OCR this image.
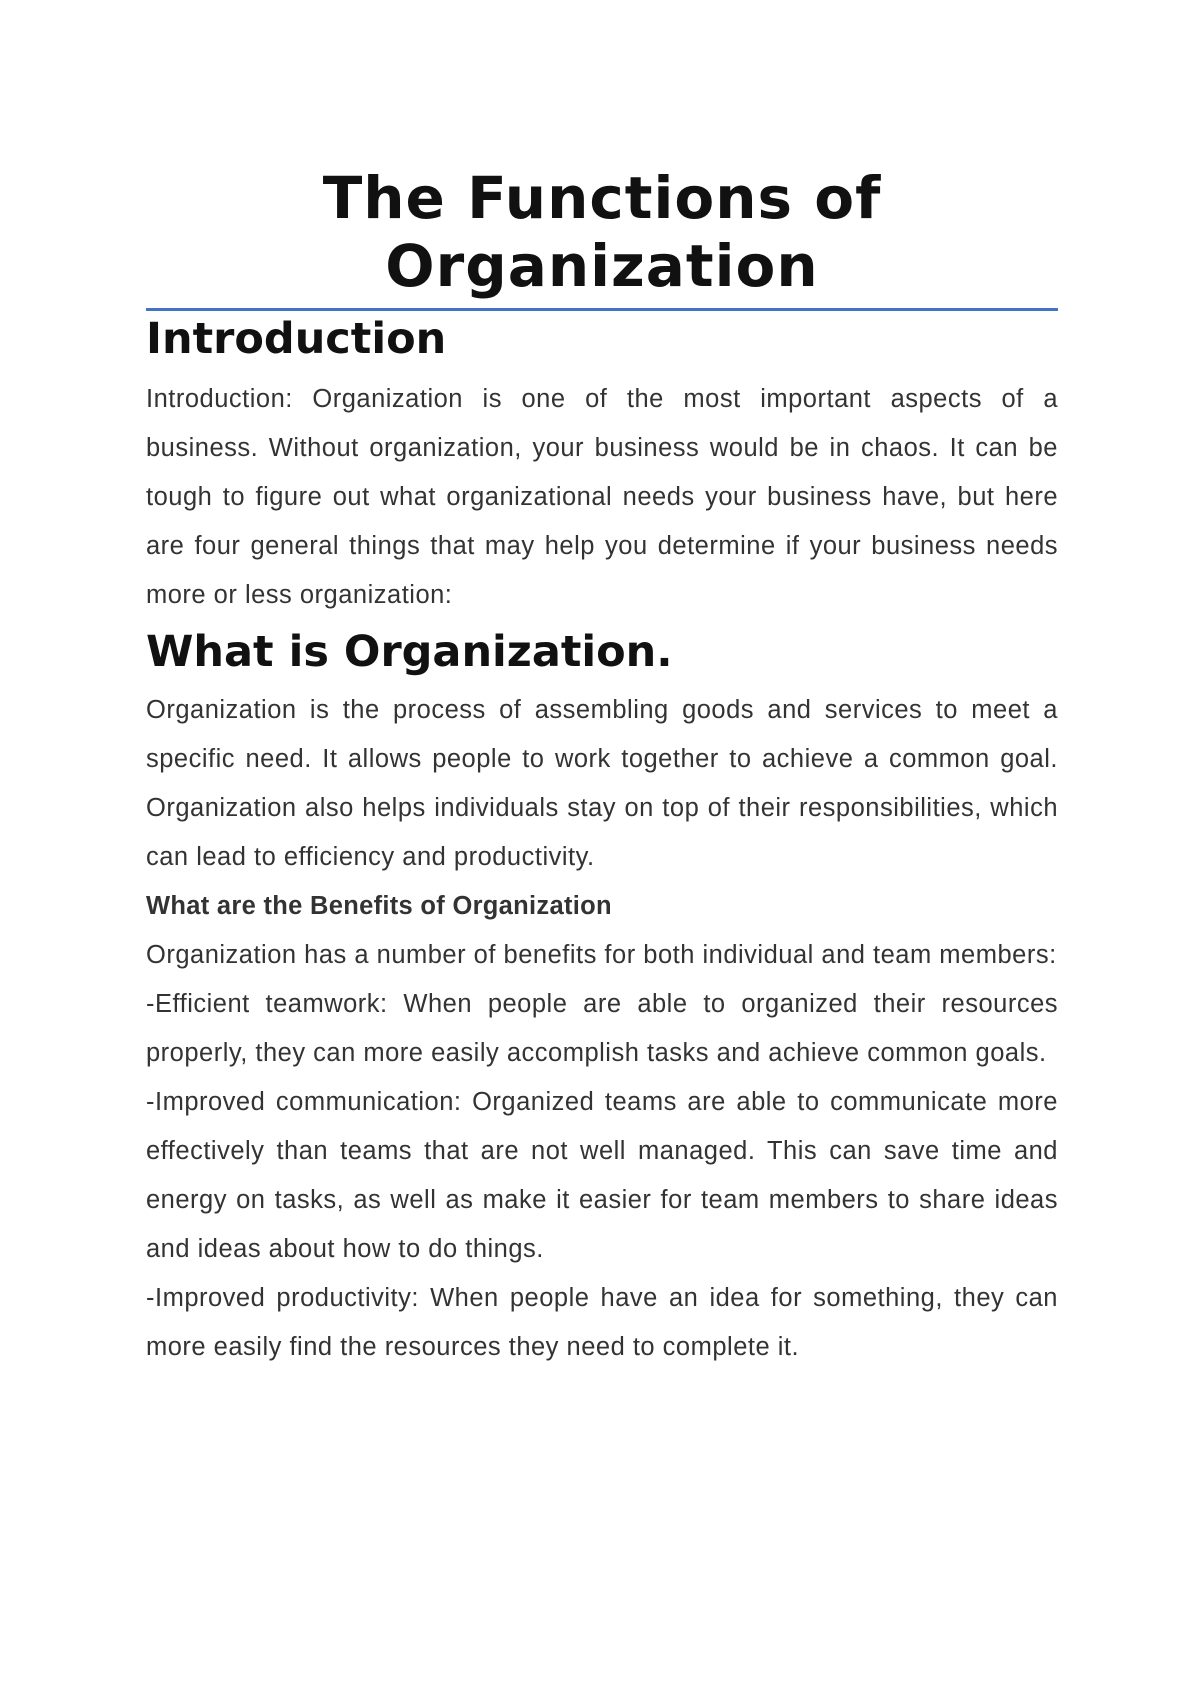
The Functions of
Organization
Introduction

Introduction: Organization is one of the most important aspects of a business. Without organization, your business would be in chaos. It can be tough to figure out what organizational needs your business have, but here are four general things that may help you determine if your business needs more or less organization:

What is Organization.

Organization is the process of assembling goods and services to meet a specific need. It allows people to work together to achieve a common goal. Organization also helps individuals stay on top of their responsibilities, which can lead to efficiency and productivity.

What are the Benefits of Organization

Organization has a number of benefits for both individual and team members:

-Efficient teamwork: When people are able to organized their resources properly, they can more easily accomplish tasks and achieve common goals.

-Improved communication: Organized teams are able to communicate more effectively than teams that are not well managed. This can save time and energy on tasks, as well as make it easier for team members to share ideas and ideas about how to do things.

-Improved productivity: When people have an idea for something, they can more easily find the resources they need to complete it.
